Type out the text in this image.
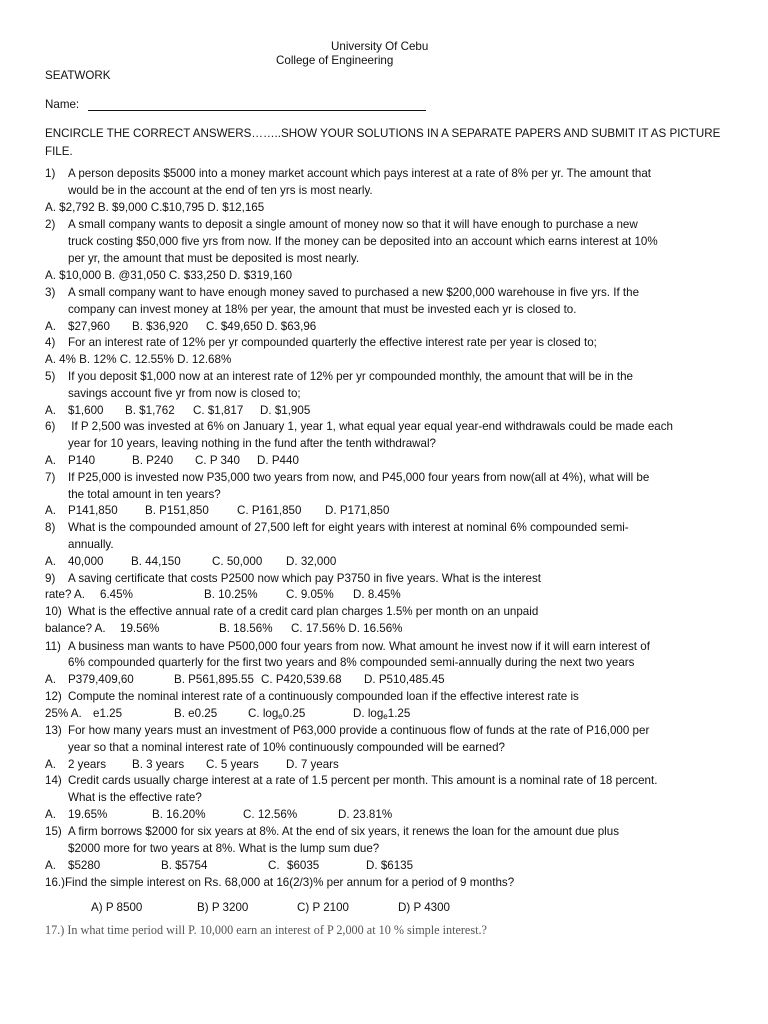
University Of Cebu
College of Engineering
SEATWORK
Name:
ENCIRCLE THE CORRECT ANSWERS……..SHOW YOUR SOLUTIONS IN A SEPARATE PAPERS AND SUBMIT IT AS PICTURE
FILE.
1) A person deposits $5000 into a money market account which pays interest at a rate of 8% per yr. The amount that
would be in the account at the end of ten yrs is most nearly.
A. $2,792 B. $9,000 C.$10,795 D. $12,165
2) A small company wants to deposit a single amount of money now so that it will have enough to purchase a new
truck costing $50,000 five yrs from now. If the money can be deposited into an account which earns interest at 10%
per yr, the amount that must be deposited is most nearly.
A. $10,000 B. @31,050 C. $33,250 D. $319,160
3) A small company want to have enough money saved to purchased a new $200,000 warehouse in five yrs. If the
company can invest money at 18% per year, the amount that must be invested each yr is closed to.
A. $27,960 B. $36,920 C. $49,650 D. $63,96
4) For an interest rate of 12% per yr compounded quarterly the effective interest rate per year is closed to;
A. 4% B. 12% C. 12.55% D. 12.68%
5) If you deposit $1,000 now at an interest rate of 12% per yr compounded monthly, the amount that will be in the
savings account five yr from now is closed to;
A. $1,600 B. $1,762 C. $1,817 D. $1,905
6) If P 2,500 was invested at 6% on January 1, year 1, what equal year equal year-end withdrawals could be made each
year for 10 years, leaving nothing in the fund after the tenth withdrawal?
A. P140	B. P240 C. P 340 D. P440
7) If P25,000 is invested now P35,000 two years from now, and P45,000 four years from now(all at 4%), what will be
the total amount in ten years?
A. P141,850 B. P151,850 C. P161,850 D. P171,850
8) What is the compounded amount of 27,500 left for eight years with interest at nominal 6% compounded semi-
annually.
A. 40,000 B. 44,150	C. 50,000 D. 32,000
9) A saving certificate that costs P2500 now which pay P3750 in five years. What is the interest
rate? A. 6.45%	B. 10.25% C. 9.05% D. 8.45%
10) What is the effective annual rate of a credit card plan charges 1.5% per month on an unpaid
balance? A. 19.56%	B. 18.56% C. 17.56% D. 16.56%
11) A business man wants to have P500,000 four years from now. What amount he invest now if it will earn interest of
6% compounded quarterly for the first two years and 8% compounded semi-annually during the next two years
A. P379,409,60	B. P561,895.55 C. P420,539.68 D. P510,485.45
12) Compute the nominal interest rate of a continuously compounded loan if the effective interest rate is
25% A. e1.25	B. e0.25	C. loge0.25	D. loge1.25
13) For how many years must an investment of P63,000 provide a continuous flow of funds at the rate of P16,000 per
year so that a nominal interest rate of 10% continuously compounded will be earned?
A. 2 years B. 3 years C. 5 years D. 7 years
14) Credit cards usually charge interest at a rate of 1.5 percent per month. This amount is a nominal rate of 18 percent.
What is the effective rate?
A. 19.65%	B. 16.20%	C. 12.56%	D. 23.81%
15) A firm borrows $2000 for six years at 8%. At the end of six years, it renews the loan for the amount due plus
$2000 more for two years at 8%. What is the lump sum due?
A. $5280	B. $5754	C. $6035	D. $6135
16.)Find the simple interest on Rs. 68,000 at 16(2/3)% per annum for a period of 9 months?
A) P 8500	B) P 3200	C) P 2100	D) P 4300
17.) In what time period will P. 10,000 earn an interest of P 2,000 at 10 % simple interest.?
